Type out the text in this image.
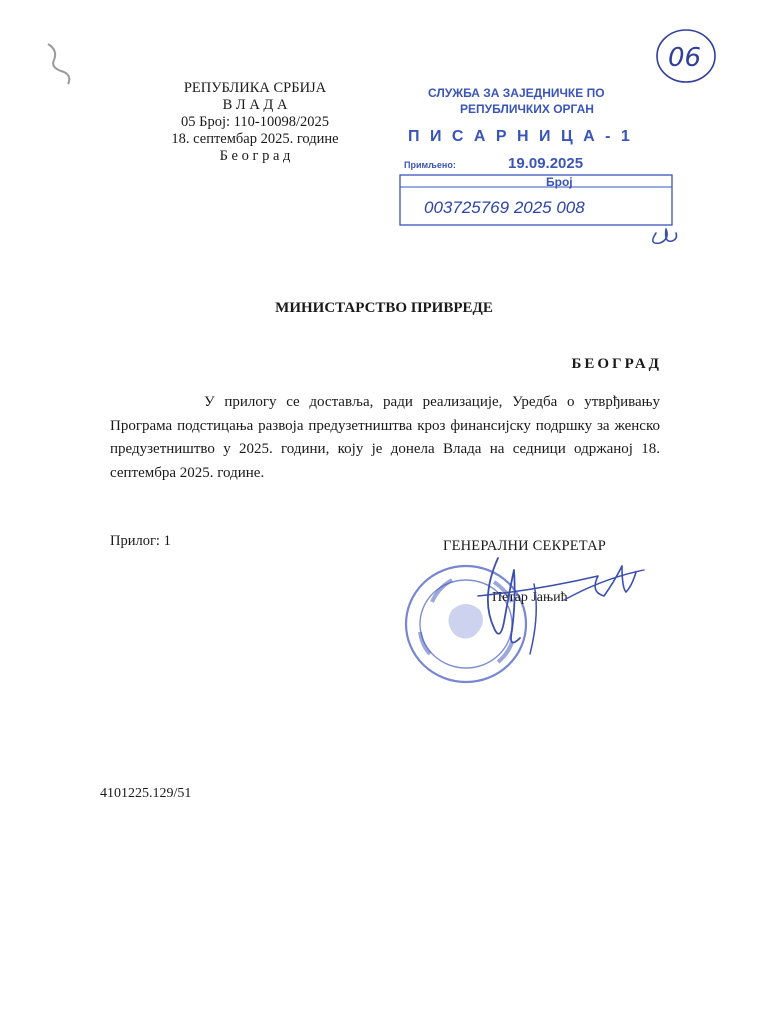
РЕПУБЛИКА СРБИЈА
В Л А Д А
05 Број: 110-10098/2025
18. септембар 2025. године
Б е о г р а д
СЛУЖБА ЗА ЗАЈЕДНИЧКЕ ПО
РЕПУБЛИЧКИХ ОРГАН
П И С А Р Н И Ц А - 1
Примљено:	19.09.2025
Број
003725769 2025 008
06
МИНИСТАРСТВО ПРИВРЕДЕ
БЕОГРАД
У прилогу се доставља, ради реализације, Уредба о утврђивању Програма подстицања развоја предузетништва кроз финансијску подршку за женско предузетништво у 2025. години, коју је донела Влада на седници одржаној 18. септембра 2025. године.
Прилог: 1	ГЕНЕРАЛНИ СЕКРЕТАР
Петар Јањић
4101225.129/51
